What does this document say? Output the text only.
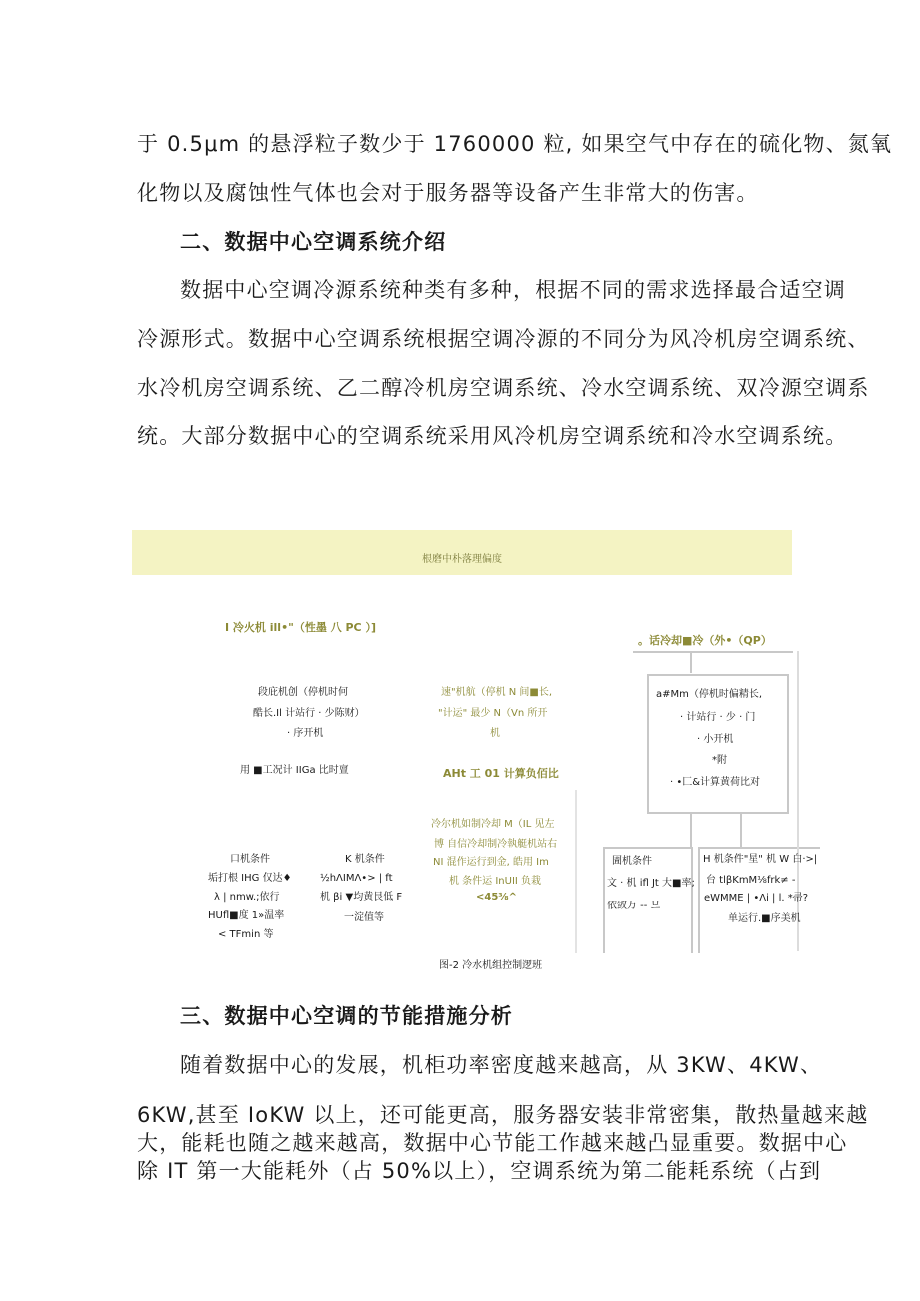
于 0.5μm 的悬浮粒子数少于 1760000 粒, 如果空气中存在的硫化物、氮氧
化物以及腐蚀性气体也会对于服务器等设备产生非常大的伤害。
二、数据中心空调系统介绍
数据中心空调冷源系统种类有多种，根据不同的需求选择最合适空调
冷源形式。数据中心空调系统根据空调冷源的不同分为风冷机房空调系统、
水冷机房空调系统、乙二醇冷机房空调系统、冷水空调系统、双冷源空调系
统。大部分数据中心的空调系统采用风冷机房空调系统和冷水空调系统。
根磨中朴落理偏度
I 冷火机 ill•"（性墨 八 PC ）]
。话冷却■冷（外•（QP）
段庇机创（停机时何
酷长.Il 计站行 · 少陈财）
· 序开机
用 ■工况计 IIGa 比时亶
速"机航（停机 N 间■长,
"计运" 最少 N（Vn 所开
机
AHt 工 01 计算负佰比
冷尔机如制冷却 M（IL 见左
博 自信冷却制冷執艇机站右
NI 混作运行到金, 皓用 Im
机 条件运 InUII 负栽
<45⅜^
口机条件
垢打根 IHG 仅达♦
λ | nmw.;依行
HUfl■度 1»温率
< TFmin 等
K 机条件
½hΛIMΛ•> | ft
机 βi ▼均黄艮低 F
一淀值等
a#Mm（停机时偏精长,
· 计站行 · 少 · 门
· 小开机
*附
· •匚&计算黄荷比对
圊机条件
文 · 机 ifl Jt 大■率;
依敛万 -- 므
H 机条件"星" 机 W 白·>|
台 tlβKmM⅛frk≠ -
eWMME | •Λi | l. *帚?
单运行.■序美机
图-2 冷水机组控制逻班
三、数据中心空调的节能措施分析
随着数据中心的发展，机柜功率密度越来越高，从 3KW、4KW、
6KW,甚至 IoKW 以上，还可能更高，服务器安装非常密集，散热量越来越
大，能耗也随之越来越高，数据中心节能工作越来越凸显重要。数据中心
除 IT 第一大能耗外（占 50%以上），空调系统为第二能耗系统（占到
